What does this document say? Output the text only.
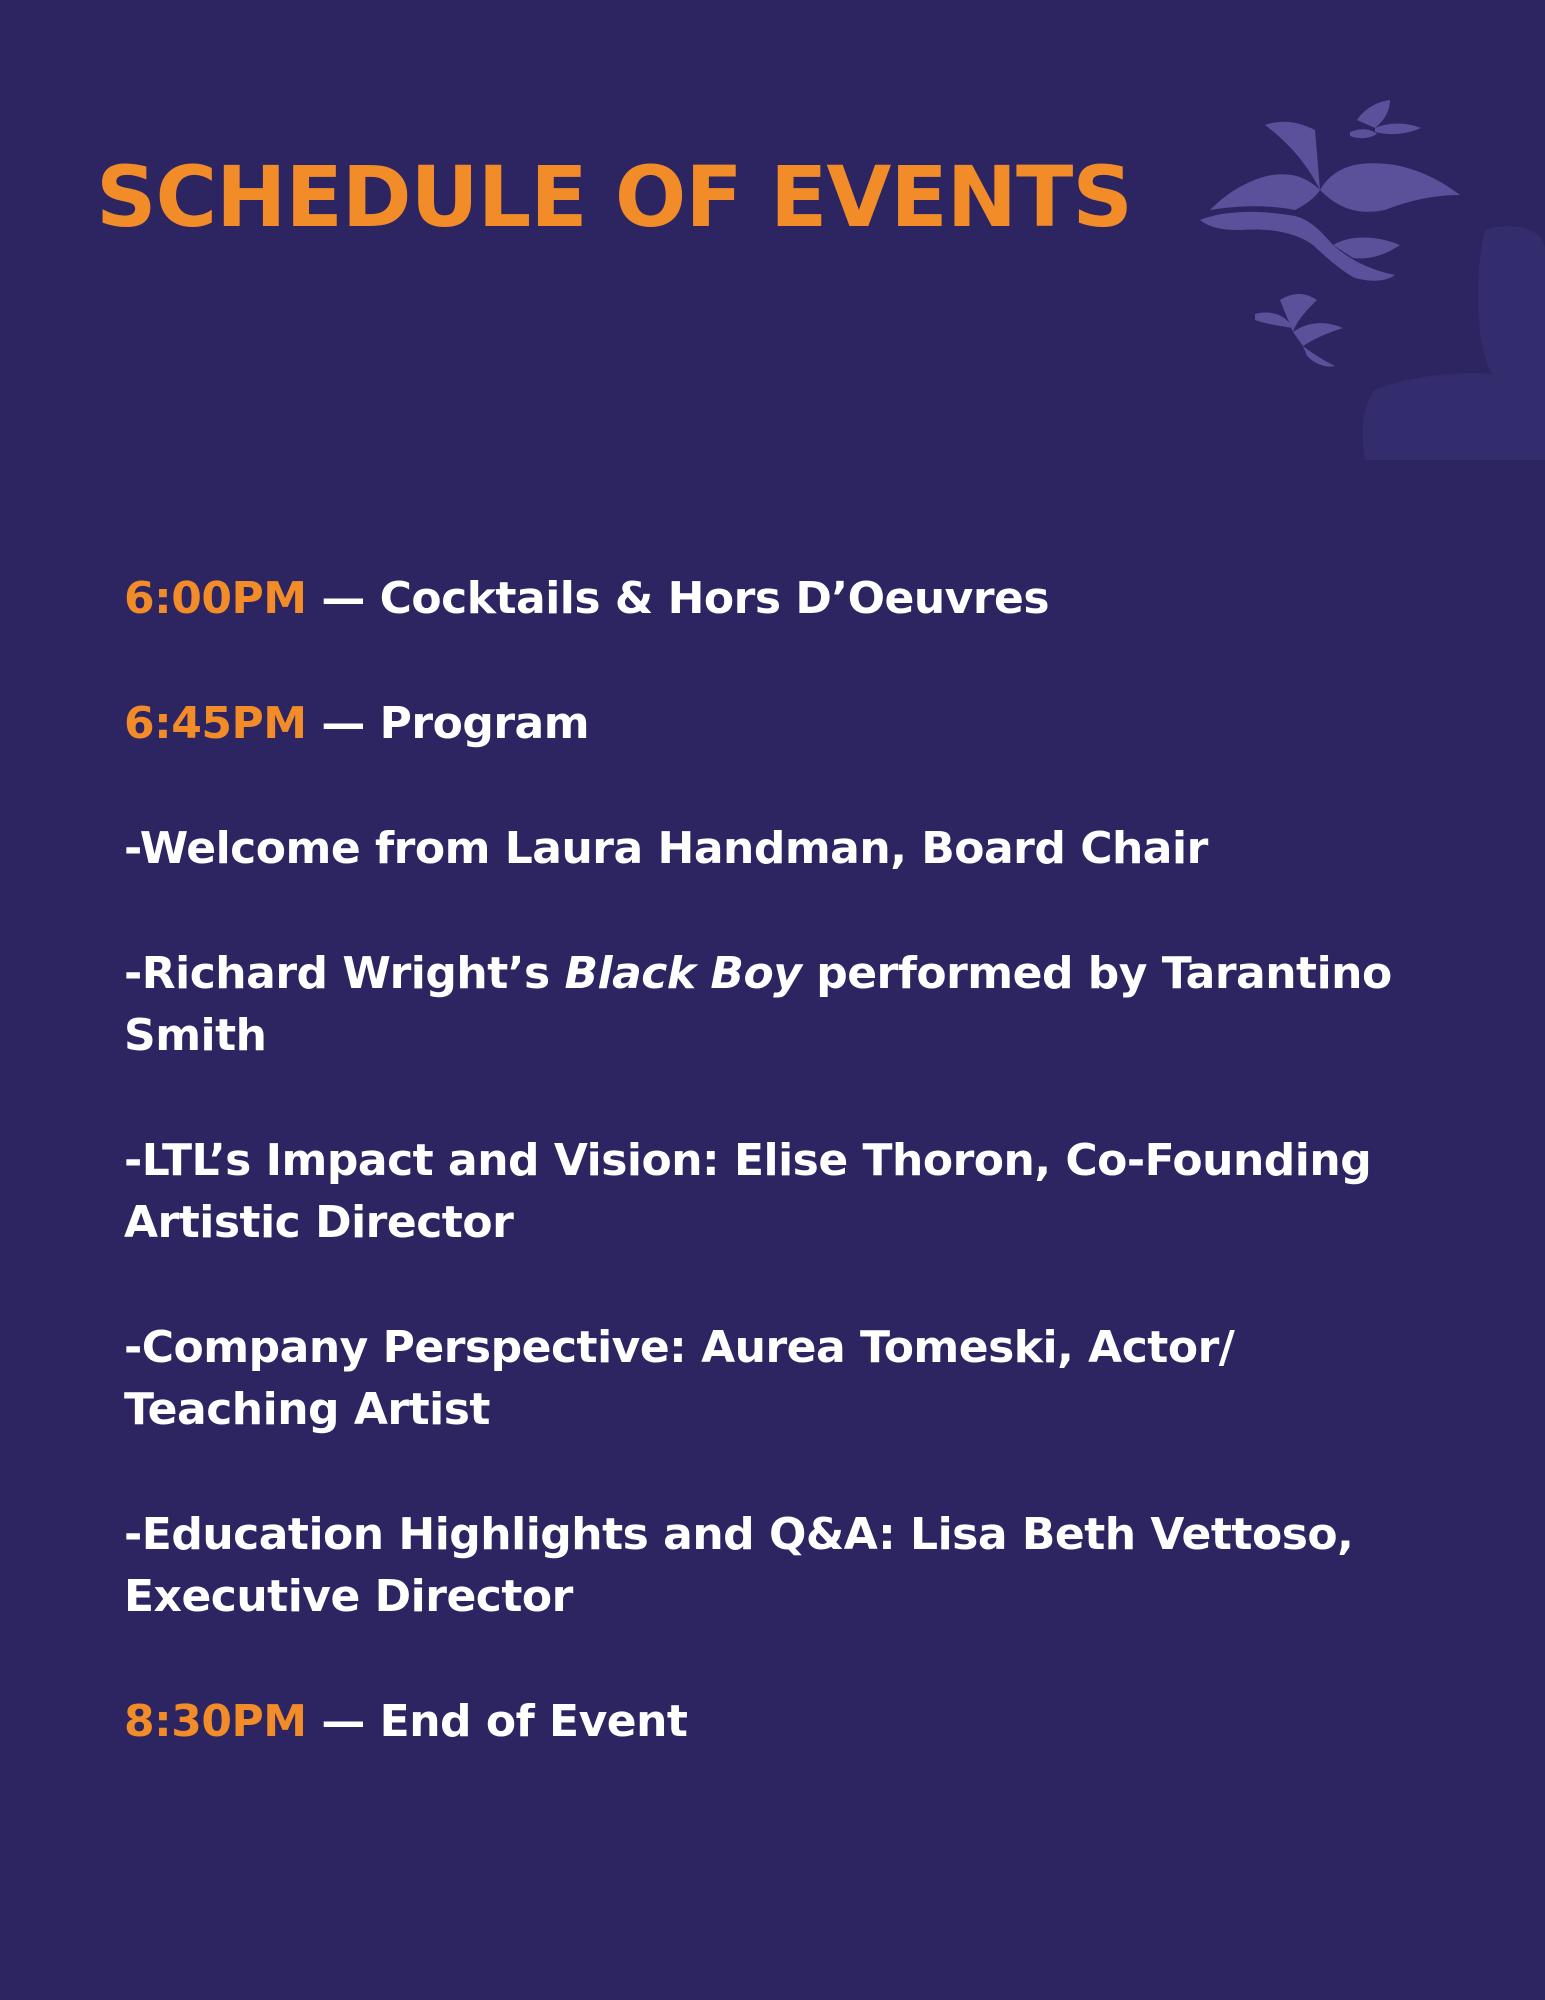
SCHEDULE OF EVENTS

6:00PM — Cocktails & Hors D’Oeuvres

6:45PM — Program

-Welcome from Laura Handman, Board Chair

-Richard Wright’s Black Boy performed by Tarantino Smith

-LTL’s Impact and Vision: Elise Thoron, Co-Founding Artistic Director

-Company Perspective: Aurea Tomeski, Actor/ Teaching Artist

-Education Highlights and Q&A: Lisa Beth Vettoso, Executive Director

8:30PM — End of Event
